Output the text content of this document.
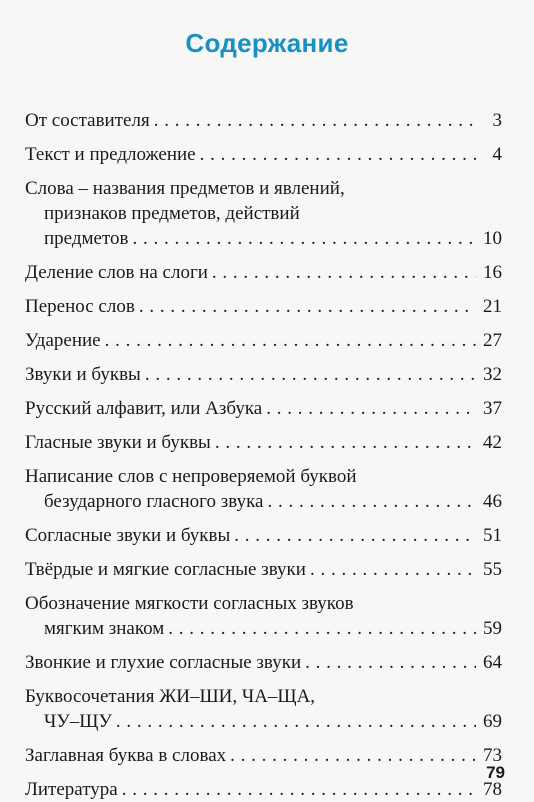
Содержание
От составителя . . .	3
Текст и предложение . . .	4
Слова – названия предметов и явлений,
признаков предметов, действий
предметов . . .	10
Деление слов на слоги . . .	16
Перенос слов . . .	21
Ударение . . .	27
Звуки и буквы . . .	32
Русский алфавит, или Азбука . . .	37
Гласные звуки и буквы . . .	42
Написание слов с непроверяемой буквой
безударного гласного звука . . .	46
Согласные звуки и буквы . . .	51
Твёрдые и мягкие согласные звуки . . .	55
Обозначение мягкости согласных звуков
мягким знаком . . .	59
Звонкие и глухие согласные звуки . . .	64
Буквосочетания ЖИ–ШИ, ЧА–ЩА,
ЧУ–ЩУ . . .	69
Заглавная буква в словах . . .	73
Литература . . .	78
79
